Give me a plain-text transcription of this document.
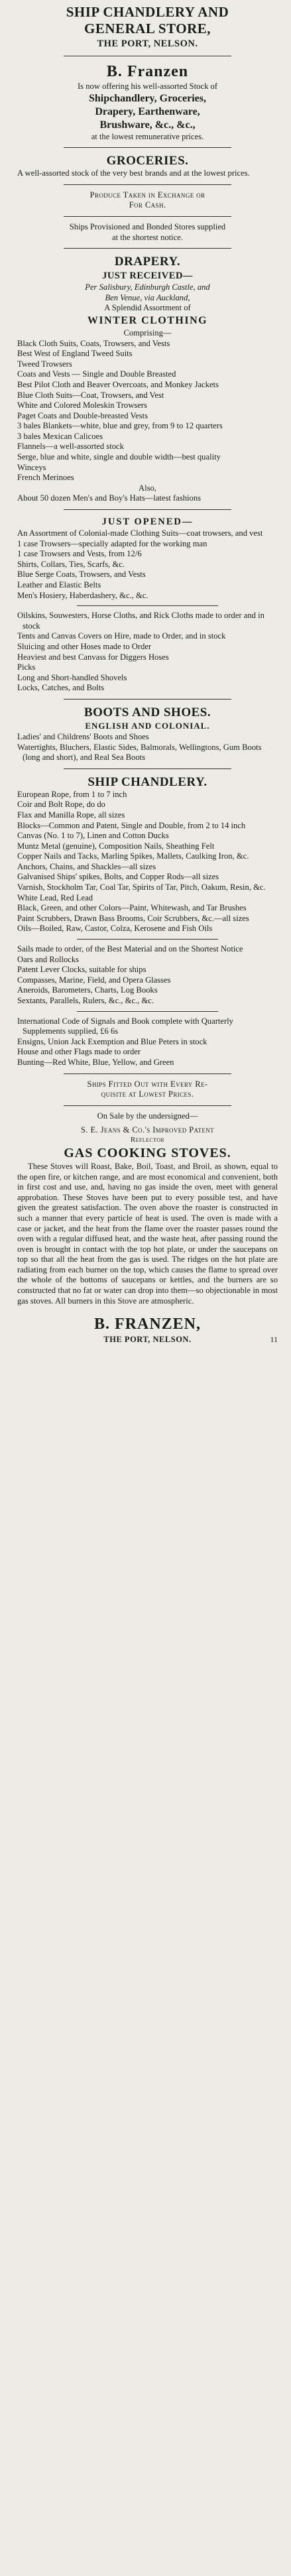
SHIP CHANDLERY AND
GENERAL STORE,
THE PORT, NELSON.
B. Franzen
Is now offering his well-assorted Stock of
Shipchandlery, Groceries,
Drapery, Earthenware,
Brushware, &c., &c.,
at the lowest remunerative prices.
GROCERIES.
A well-assorted stock of the very best brands and at the lowest prices.
Produce Taken in Exchange or
For Cash.
Ships Provisioned and Bonded Stores supplied
at the shortest notice.
DRAPERY.
JUST RECEIVED—
Per Salisbury, Edinburgh Castle, and
Ben Venue, via Auckland,
A Splendid Assortment of
WINTER CLOTHING
Comprising—
Black Cloth Suits, Coats, Trowsers, and Vests
Best West of England Tweed Suits
Tweed Trowsers
Coats and Vests — Single and Double Breasted
Best Pilot Cloth and Beaver Overcoats, and Monkey Jackets
Blue Cloth Suits—Coat, Trowsers, and Vest
White and Colored Moleskin Trowsers
Paget Coats and Double-breasted Vests
3 bales Blankets—white, blue and grey, from 9 to 12 quarters
3 bales Mexican Calicoes
Flannels—a well-assorted stock
Serge, blue and white, single and double width—best quality
Winceys
French Merinoes
Also,
About 50 dozen Men's and Boy's Hats—latest fashions
JUST OPENED—
An Assortment of Colonial-made Clothing Suits—coat trowsers, and vest
1 case Trowsers—specially adapted for the working man
1 case Trowsers and Vests, from 12/6
Shirts, Collars, Ties, Scarfs, &c.
Blue Serge Coats, Trowsers, and Vests
Leather and Elastic Belts
Men's Hosiery, Haberdashery, &c., &c.
Oilskins, Souwesters, Horse Cloths, and Rick Cloths made to order and in stock
Tents and Canvas Covers on Hire, made to Order, and in stock
Sluicing and other Hoses made to Order
Heaviest and best Canvass for Diggers Hoses
Picks
Long and Short-handled Shovels
Locks, Catches, and Bolts
BOOTS AND SHOES.
ENGLISH AND COLONIAL.
Ladies' and Childrens' Boots and Shoes
Watertights, Bluchers, Elastic Sides, Balmorals, Wellingtons, Gum Boots (long and short), and Real Sea Boots
SHIP CHANDLERY.
European Rope, from 1 to 7 inch
Coir and Bolt Rope, do do
Flax and Manilla Rope, all sizes
Blocks—Common and Patent, Single and Double, from 2 to 14 inch
Canvas (No. 1 to 7), Linen and Cotton Ducks
Muntz Metal (genuine), Composition Nails, Sheathing Felt
Copper Nails and Tacks, Marling Spikes, Mallets, Caulking Iron, &c.
Anchors, Chains, and Shackles—all sizes
Galvanised Ships' spikes, Bolts, and Copper Rods—all sizes
Varnish, Stockholm Tar, Coal Tar, Spirits of Tar, Pitch, Oakum, Resin, &c.
White Lead, Red Lead
Black, Green, and other Colors—Paint, Whitewash, and Tar Brushes
Paint Scrubbers, Drawn Bass Brooms, Coir Scrubbers, &c.—all sizes
Oils—Boiled, Raw, Castor, Colza, Kerosene and Fish Oils
Sails made to order, of the Best Material and on the Shortest Notice
Oars and Rollocks
Patent Lever Clocks, suitable for ships
Compasses, Marine, Field, and Opera Glasses
Aneroids, Barometers, Charts, Log Books
Sextants, Parallels, Rulers, &c., &c., &c.
International Code of Signals and Book complete with Quarterly Supplements supplied, £6 6s
Ensigns, Union Jack Exemption and Blue Peters in stock
House and other Flags made to order
Bunting—Red White, Blue, Yellow, and Green
Ships Fitted Out with Every Re-
quisite at Lowest Prices.
On Sale by the undersigned—
S. E. Jeans & Co.'s Improved Patent
Reflector
GAS COOKING STOVES.
These Stoves will Roast, Bake, Boil, Toast, and Broil, as shown, equal to the open fire, or kitchen range, and are most economical and convenient, both in first cost and use, and, having no gas inside the oven, meet with general approbation. These Stoves have been put to every possible test, and have given the greatest satisfaction. The oven above the roaster is constructed in such a manner that every particle of heat is used. The oven is made with a case or jacket, and the heat from the flame over the roaster passes round the oven with a regular diffused heat, and the waste heat, after passing round the oven is brought in contact with the top hot plate, or under the saucepans on top so that all the heat from the gas is used. The ridges on the hot plate are radiating from each burner on the top, which causes the flame to spread over the whole of the bottoms of saucepans or kettles, and the burners are so constructed that no fat or water can drop into them—so objectionable in most gas stoves. All burners in this Stove are atmospheric.
B. FRANZEN,
THE PORT, NELSON.	11
